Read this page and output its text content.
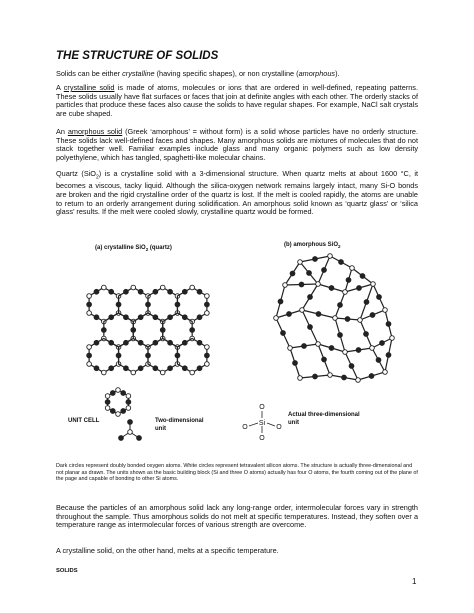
THE STRUCTURE OF SOLIDS

Solids can be either crystalline (having specific shapes), or non crystalline (amorphous).

A crystalline solid is made of atoms, molecules or ions that are ordered in well-defined, repeating patterns. These solids usually have flat surfaces or faces that join at definite angles with each other. The orderly stacks of particles that produce these faces also cause the solids to have regular shapes. For example, NaCl salt crystals are cube shaped.

An amorphous solid (Greek ‘amorphous’ = without form) is a solid whose particles have no orderly structure. These solids lack well-defined faces and shapes. Many amorphous solids are mixtures of molecules that do not stack together well. Familiar examples include glass and many organic polymers such as low density polyethylene, which has tangled, spaghetti-like molecular chains.

Quartz (SiO$_2$) is a crystalline solid with a 3-dimensional structure. When quartz melts at about 1600 °C, it becomes a viscous, tacky liquid. Although the silica-oxygen network remains largely intact, many Si-O bonds are broken and the rigid crystalline order of the quartz is lost. If the melt is cooled rapidly, the atoms are unable to return to an orderly arrangement during solidification. An amorphous solid known as ‘quartz glass’ or ‘silica glass’ results. If the melt were cooled slowly, crystalline quartz would be formed.

(a) crystalline SiO$_2$ (quartz)	(b) amorphous SiO$_2$
UNIT CELL	Two-dimensional
unit
Actual three-dimensional
unit
O
O	O
Si
O

Dark circles represent doubly bonded oxygen atoms. White circles represent tetravalent silicon atoms. The structure is actually three-dimensional and not planar as drawn. The units shown as the basic building block (Si and three O atoms) actually has four O atoms, the fourth coming out of the plane of the page and capable of bonding to other Si atoms.

Because the particles of an amorphous solid lack any long-range order, intermolecular forces vary in strength throughout the sample. Thus amorphous solids do not melt at specific temperatures. Instead, they soften over a temperature range as intermolecular forces of various strength are overcome.

A crystalline solid, on the other hand, melts at a specific temperature.

SOLIDS
1
